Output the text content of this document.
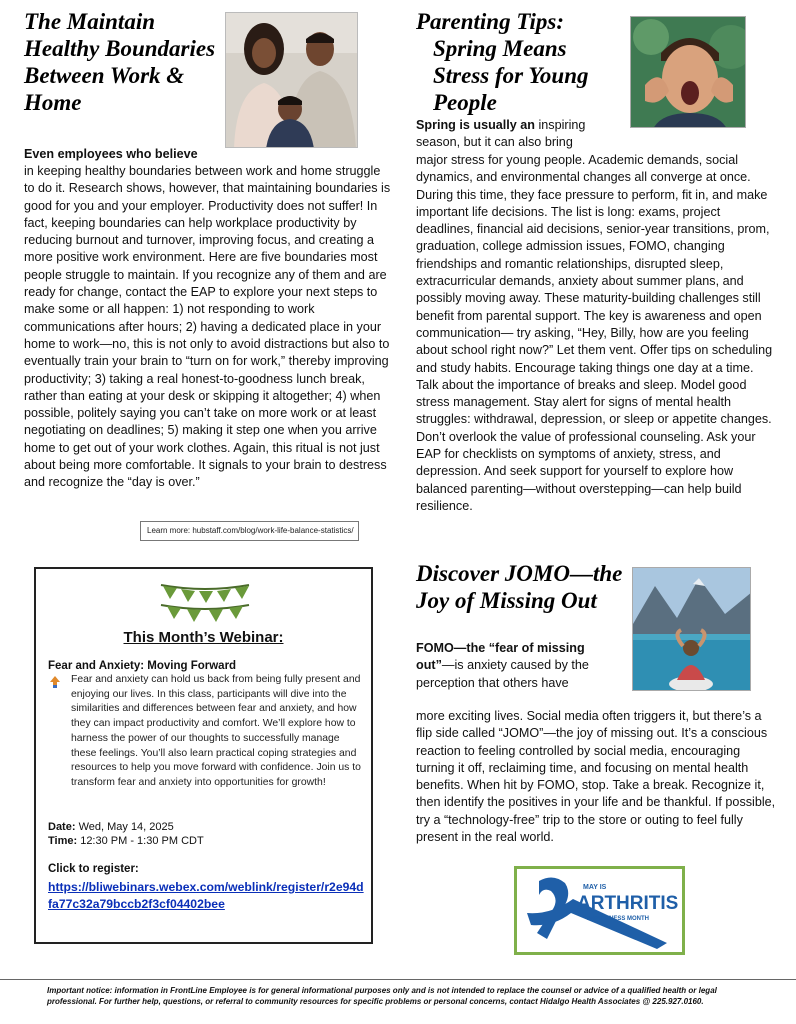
The Maintain Healthy Boundaries Between Work & Home
Even employees who believe
in keeping healthy boundaries between work and home struggle to do it. Research shows, however, that maintaining boundaries is good for you and your employer. Productivity does not suffer! In fact, keeping boundaries can help workplace productivity by reducing burnout and turnover, improving focus, and creating a more positive work environment. Here are five boundaries most people struggle to maintain. If you recognize any of them and are ready for change, contact the EAP to explore your next steps to make some or all happen: 1) not responding to work communications after hours; 2) having a dedicated place in your home to work—no, this is not only to avoid distractions but also to eventually train your brain to “turn on for work,” thereby improving productivity; 3) taking a real honest-to-goodness lunch break, rather than eating at your desk or skipping it altogether; 4) when possible, politely saying you can’t take on more work or at least negotiating on deadlines; 5) making it step one when you arrive home to get out of your work clothes. Again, this ritual is not just about being more comfortable. It signals to your brain to destress and recognize the “day is over.”
Learn more: hubstaff.com/blog/work-life-balance-statistics/
Parenting Tips:
Spring Means
Stress for Young
People
Spring is usually an inspiring season, but it can also bring
major stress for young people. Academic demands, social dynamics, and environmental changes all converge at once. During this time, they face pressure to perform, fit in, and make important life decisions. The list is long: exams, project deadlines, financial aid decisions, senior-year transitions, prom, graduation, college admission issues, FOMO, changing friendships and romantic relationships, disrupted sleep, extracurricular demands, anxiety about summer plans, and possibly moving away. These maturity-building challenges still benefit from parental support. The key is awareness and open communication— try asking, “Hey, Billy, how are you feeling about school right now?” Let them vent. Offer tips on scheduling and study habits. Encourage taking things one day at a time. Talk about the importance of breaks and sleep. Model good stress management. Stay alert for signs of mental health struggles: withdrawal, depression, or sleep or appetite changes. Don’t overlook the value of professional counseling. Ask your EAP for checklists on symptoms of anxiety, stress, and depression. And seek support for yourself to explore how balanced parenting—without overstepping—can help build resilience.
This Month’s Webinar:
Fear and Anxiety: Moving Forward
Fear and anxiety can hold us back from being fully present and enjoying our lives. In this class, participants will dive into the similarities and differences between fear and anxiety, and how they can impact productivity and comfort. We’ll explore how to harness the power of our thoughts to successfully manage these feelings. You’ll also learn practical coping strategies and resources to help you move forward with confidence. Join us to transform fear and anxiety into opportunities for growth!
Date: Wed, May 14, 2025
Time: 12:30 PM - 1:30 PM CDT
Click to register:
https://bliwebinars.webex.com/weblink/register/r2e94dfa77c32a79bccb2f3cf04402bee
Discover JOMO—the Joy of Missing Out
FOMO—the “fear of missing out”—is anxiety caused by the perception that others have
more exciting lives. Social media often triggers it, but there’s a flip side called “JOMO”—the joy of missing out. It’s a conscious reaction to feeling controlled by social media, encouraging turning it off, reclaiming time, and focusing on mental health benefits. When hit by FOMO, stop. Take a break. Recognize it, then identify the positives in your life and be thankful. If possible, try a “technology-free” trip to the store or outing to feel fully present in the real world.
MAY IS
ARTHRITIS
AWARENESS MONTH
Important notice: information in FrontLine Employee is for general informational purposes only and is not intended to replace the counsel or advice of a qualified health or legal professional. For further help, questions, or referral to community resources for specific problems or personal concerns, contact Hidalgo Health Associates @ 225.927.0160.
